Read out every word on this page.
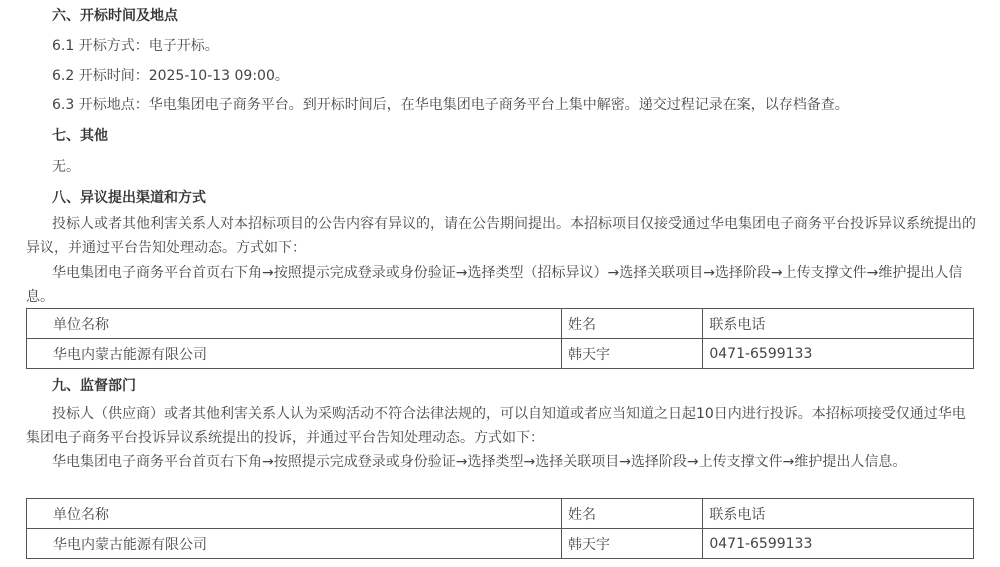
六、开标时间及地点
6.1 开标方式：电子开标。
6.2 开标时间：2025-10-13 09:00。
6.3 开标地点：华电集团电子商务平台。到开标时间后，在华电集团电子商务平台上集中解密。递交过程记录在案，以存档备查。
七、其他
无。
八、异议提出渠道和方式
投标人或者其他利害关系人对本招标项目的公告内容有异议的，请在公告期间提出。本招标项目仅接受通过华电集团电子商务平台投诉异议系统提出的异议，并通过平台告知处理动态。方式如下：
华电集团电子商务平台首页右下角→按照提示完成登录或身份验证→选择类型（招标异议）→选择关联项目→选择阶段→上传支撑文件→维护提出人信息。
单位名称	姓名	联系电话
华电内蒙古能源有限公司	韩天宇	0471-6599133
九、监督部门
投标人（供应商）或者其他利害关系人认为采购活动不符合法律法规的，可以自知道或者应当知道之日起10日内进行投诉。本招标项接受仅通过华电集团电子商务平台投诉异议系统提出的投诉，并通过平台告知处理动态。方式如下：
华电集团电子商务平台首页右下角→按照提示完成登录或身份验证→选择类型→选择关联项目→选择阶段→上传支撑文件→维护提出人信息。
单位名称	姓名	联系电话
华电内蒙古能源有限公司	韩天宇	0471-6599133
